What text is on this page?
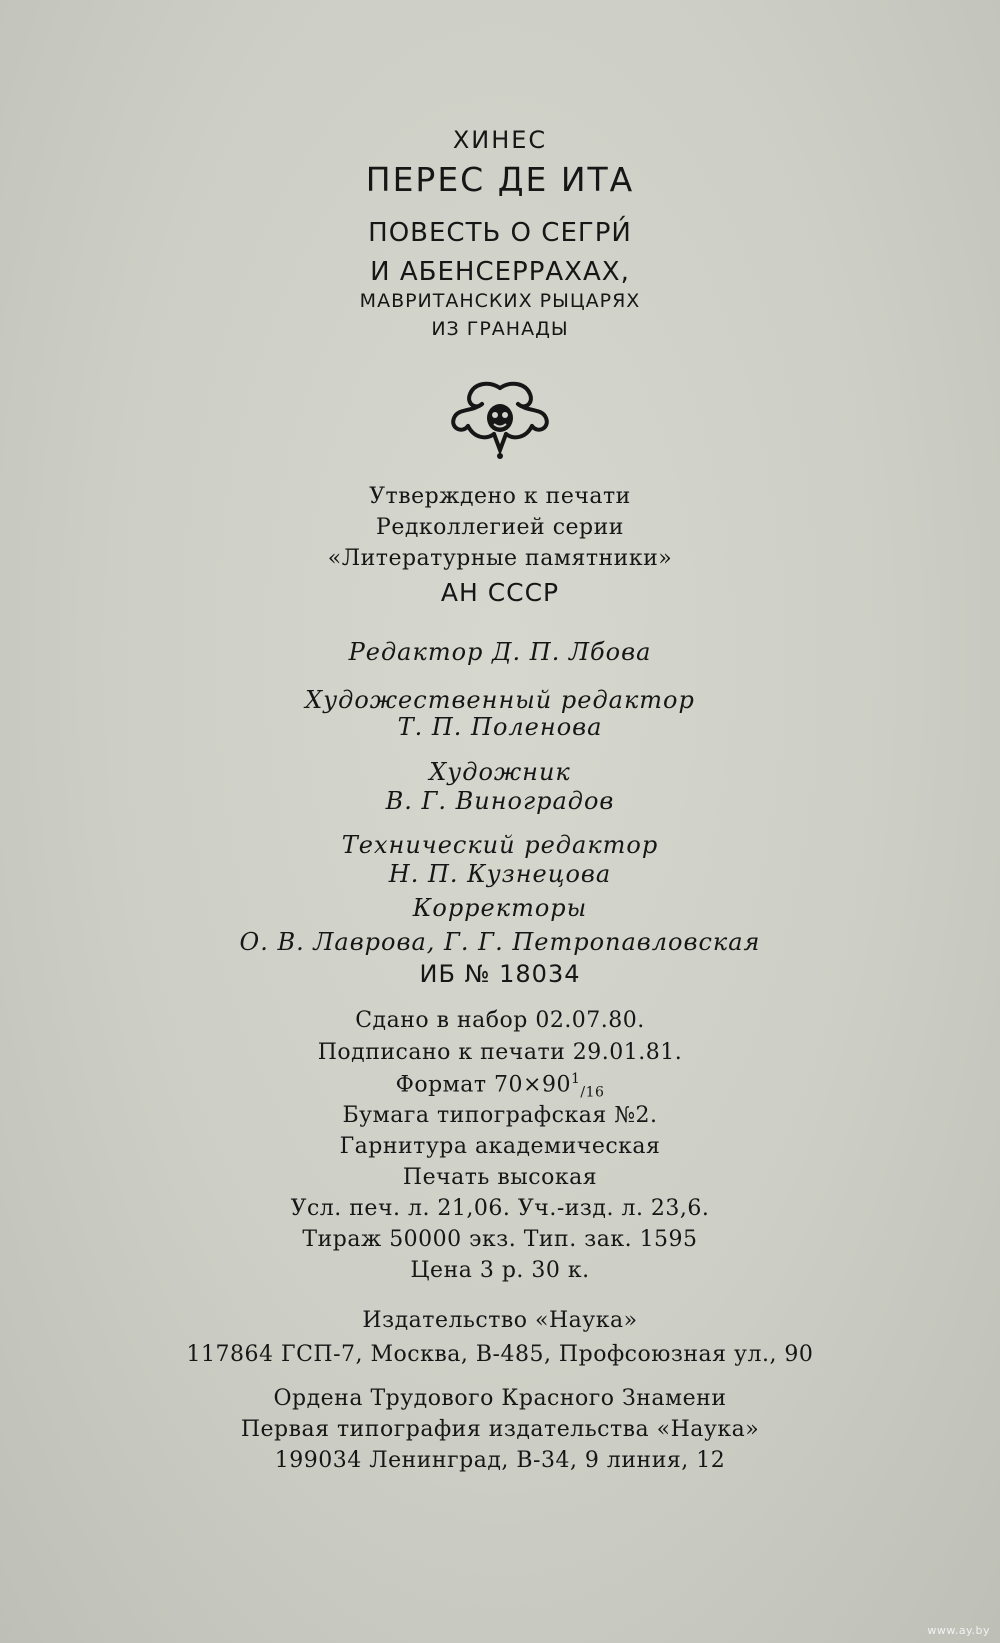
ХИНЕС
ПЕРЕС ДЕ ИТА
ПОВЕСТЬ О СЕГРИ́
И АБЕНСЕРРАХАХ,
МАВРИТАНСКИХ РЫЦАРЯХ
ИЗ ГРАНАДЫ
Утверждено к печати
Редколлегией серии
«Литературные памятники»
АН СССР
Редактор Д. П. Лбова
Художественный редактор
Т. П. Поленова
Художник
В. Г. Виноградов
Технический редактор
Н. П. Кузнецова
Корректоры
О. В. Лаврова, Г. Г. Петропавловская
ИБ № 18034
Сдано в набор 02.07.80.
Подписано к печати 29.01.81.
Формат $70\times 90^1_{/16}$
Бумага типографская №2.
Гарнитура академическая
Печать высокая
Усл. печ. л. 21,06. Уч.-изд. л. 23,6.
Тираж 50000 экз. Тип. зак. 1595
Цена 3 р. 30 к.
Издательство «Наука»
117864 ГСП-7, Москва, В-485, Профсоюзная ул., 90
Ордена Трудового Красного Знамени
Первая типография издательства «Наука»
199034 Ленинград, В-34, 9 линия, 12
www.ay.by
